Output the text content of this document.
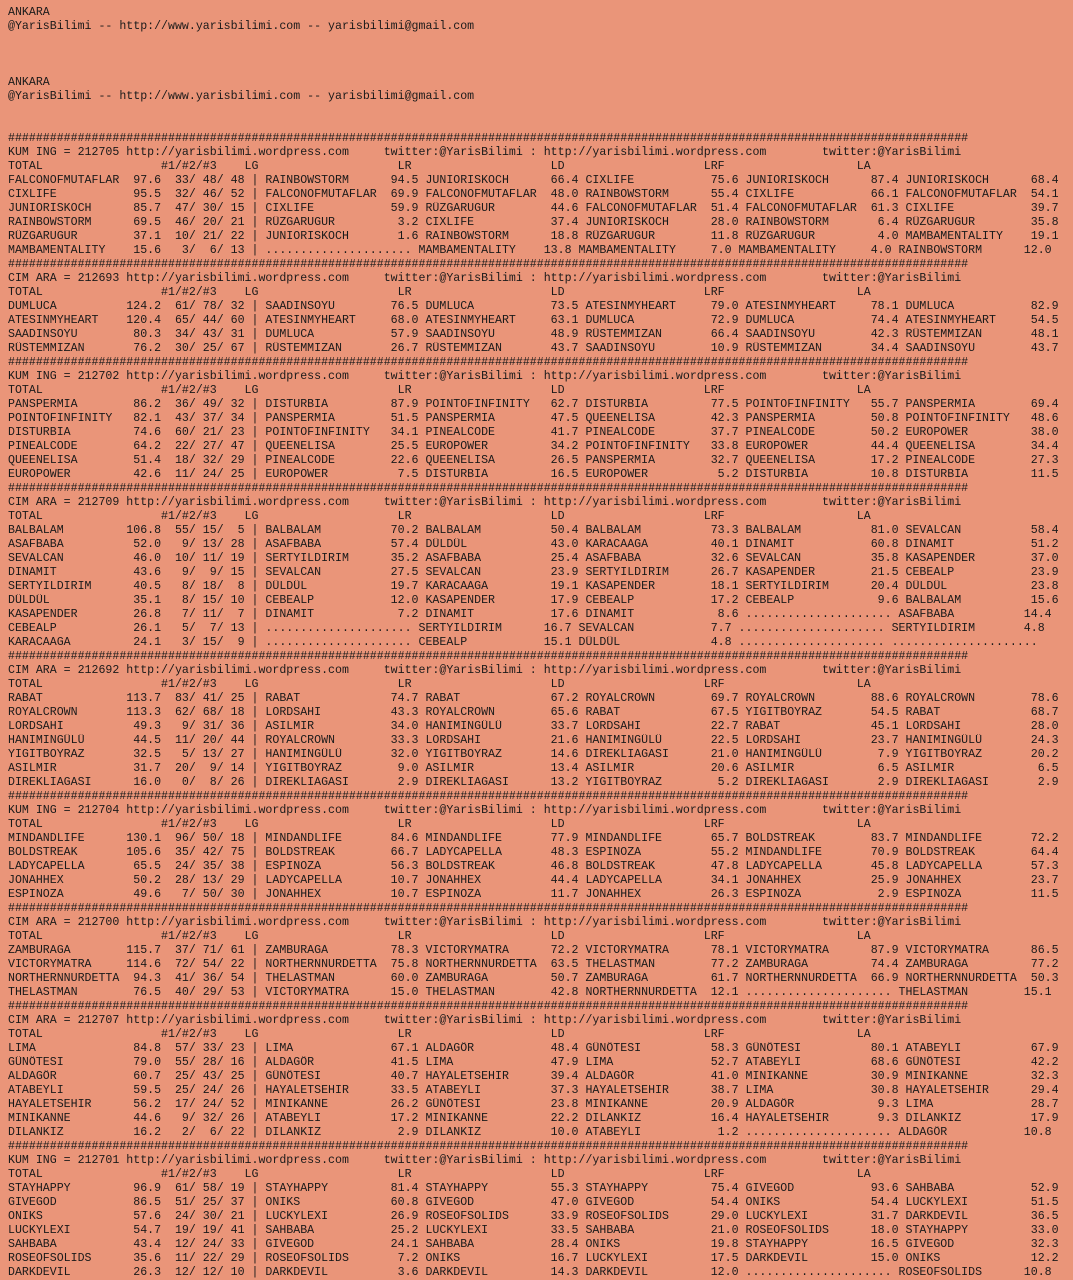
ANKARA
@YarisBilimi -- http://www.yarisbilimi.com -- yarisbilimi@gmail.com

ANKARA
@YarisBilimi -- http://www.yarisbilimi.com -- yarisbilimi@gmail.com

##########################################################################################################################################
KUM ING = 212705 http://yarisbilimi.wordpress.com     twitter:@YarisBilimi : http://yarisbilimi.wordpress.com        twitter:@YarisBilimi
TOTAL                 #1/#2/#3    LG                    LR                    LD                    LRF                   LA
FALCONOFMUTAFLAR  97.6  33/ 48/ 48 | RAINBOWSTORM      94.5 JUNIORISKOCH      66.4 CIXLIFE           75.6 JUNIORISKOCH      87.4 JUNIORISKOCH      68.4
CIXLIFE           95.5  32/ 46/ 52 | FALCONOFMUTAFLAR  69.9 FALCONOFMUTAFLAR  48.0 RAINBOWSTORM      55.4 CIXLIFE           66.1 FALCONOFMUTAFLAR  54.1
JUNIORISKOCH      85.7  47/ 30/ 15 | CIXLIFE           59.9 RÜZGARUGUR        44.6 FALCONOFMUTAFLAR  51.4 FALCONOFMUTAFLAR  61.3 CIXLIFE           39.7
RAINBOWSTORM      69.5  46/ 20/ 21 | RÜZGARUGUR         3.2 CIXLIFE           37.4 JUNIORISKOCH      28.0 RAINBOWSTORM       6.4 RÜZGARUGUR        35.8
RÜZGARUGUR        37.1  10/ 21/ 22 | JUNIORISKOCH       1.6 RAINBOWSTORM      18.8 RÜZGARUGUR        11.8 RÜZGARUGUR         4.0 MAMBAMENTALITY    19.1
MAMBAMENTALITY    15.6   3/  6/ 13 | ..................... MAMBAMENTALITY    13.8 MAMBAMENTALITY     7.0 MAMBAMENTALITY     4.0 RAINBOWSTORM      12.0
##########################################################################################################################################
CIM ARA = 212693 http://yarisbilimi.wordpress.com     twitter:@YarisBilimi : http://yarisbilimi.wordpress.com        twitter:@YarisBilimi
TOTAL                 #1/#2/#3    LG                    LR                    LD                    LRF                   LA
DUMLUCA          124.2  61/ 78/ 32 | SAADINSOYU        76.5 DUMLUCA           73.5 ATESINMYHEART     79.0 ATESINMYHEART     78.1 DUMLUCA           82.9
ATESINMYHEART    120.4  65/ 44/ 60 | ATESINMYHEART     68.0 ATESINMYHEART     63.1 DUMLUCA           72.9 DUMLUCA           74.4 ATESINMYHEART     54.5
SAADINSOYU        80.3  34/ 43/ 31 | DUMLUCA           57.9 SAADINSOYU        48.9 RÜSTEMMIZAN       66.4 SAADINSOYU        42.3 RÜSTEMMIZAN       48.1
RÜSTEMMIZAN       76.2  30/ 25/ 67 | RÜSTEMMIZAN       26.7 RÜSTEMMIZAN       43.7 SAADINSOYU        10.9 RÜSTEMMIZAN       34.4 SAADINSOYU        43.7
##########################################################################################################################################
KUM ING = 212702 http://yarisbilimi.wordpress.com     twitter:@YarisBilimi : http://yarisbilimi.wordpress.com        twitter:@YarisBilimi
TOTAL                 #1/#2/#3    LG                    LR                    LD                    LRF                   LA
PANSPERMIA        86.2  36/ 49/ 32 | DISTURBIA         87.9 POINTOFINFINITY   62.7 DISTURBIA         77.5 POINTOFINFINITY   55.7 PANSPERMIA        69.4
POINTOFINFINITY   82.1  43/ 37/ 34 | PANSPERMIA        51.5 PANSPERMIA        47.5 QUEENELISA        42.3 PANSPERMIA        50.8 POINTOFINFINITY   48.6
DISTURBIA         74.6  60/ 21/ 23 | POINTOFINFINITY   34.1 PINEALCODE        41.7 PINEALCODE        37.7 PINEALCODE        50.2 EUROPOWER         38.0
PINEALCODE        64.2  22/ 27/ 47 | QUEENELISA        25.5 EUROPOWER         34.2 POINTOFINFINITY   33.8 EUROPOWER         44.4 QUEENELISA        34.4
QUEENELISA        51.4  18/ 32/ 29 | PINEALCODE        22.6 QUEENELISA        26.5 PANSPERMIA        32.7 QUEENELISA        17.2 PINEALCODE        27.3
EUROPOWER         42.6  11/ 24/ 25 | EUROPOWER          7.5 DISTURBIA         16.5 EUROPOWER          5.2 DISTURBIA         10.8 DISTURBIA         11.5
##########################################################################################################################################
CIM ARA = 212709 http://yarisbilimi.wordpress.com     twitter:@YarisBilimi : http://yarisbilimi.wordpress.com        twitter:@YarisBilimi
TOTAL                 #1/#2/#3    LG                    LR                    LD                    LRF                   LA
BALBALAM         106.8  55/ 15/  5 | BALBALAM          70.2 BALBALAM          50.4 BALBALAM          73.3 BALBALAM          81.0 SEVALCAN          58.4
ASAFBABA          52.0   9/ 13/ 28 | ASAFBABA          57.4 DÜLDÜL            43.0 KARACAAGA         40.1 DINAMIT           60.8 DINAMIT           51.2
SEVALCAN          46.0  10/ 11/ 19 | SERTYILDIRIM      35.2 ASAFBABA          25.4 ASAFBABA          32.6 SEVALCAN          35.8 KASAPENDER        37.0
DINAMIT           43.6   9/  9/ 15 | SEVALCAN          27.5 SEVALCAN          23.9 SERTYILDIRIM      26.7 KASAPENDER        21.5 CEBEALP           23.9
SERTYILDIRIM      40.5   8/ 18/  8 | DÜLDÜL            19.7 KARACAAGA         19.1 KASAPENDER        18.1 SERTYILDIRIM      20.4 DÜLDÜL            23.8
DÜLDÜL            35.1   8/ 15/ 10 | CEBEALP           12.0 KASAPENDER        17.9 CEBEALP           17.2 CEBEALP            9.6 BALBALAM          15.6
KASAPENDER        26.8   7/ 11/  7 | DINAMIT            7.2 DINAMIT           17.6 DINAMIT            8.6 ..................... ASAFBABA          14.4
CEBEALP           26.1   5/  7/ 13 | ..................... SERTYILDIRIM      16.7 SEVALCAN           7.7 ..................... SERTYILDIRIM       4.8
KARACAAGA         24.1   3/ 15/  9 | ..................... CEBEALP           15.1 DÜLDÜL             4.8 ..................... .....................
##########################################################################################################################################
CIM ARA = 212692 http://yarisbilimi.wordpress.com     twitter:@YarisBilimi : http://yarisbilimi.wordpress.com        twitter:@YarisBilimi
TOTAL                 #1/#2/#3    LG                    LR                    LD                    LRF                   LA
RABAT            113.7  83/ 41/ 25 | RABAT             74.7 RABAT             67.2 ROYALCROWN        69.7 ROYALCROWN        88.6 ROYALCROWN        78.6
ROYALCROWN       113.3  62/ 68/ 18 | LORDSAHI          43.3 ROYALCROWN        65.6 RABAT             67.5 YIGITBOYRAZ       54.5 RABAT             68.7
LORDSAHI          49.3   9/ 31/ 36 | ASILMIR           34.0 HANIMINGÜLÜ       33.7 LORDSAHI          22.7 RABAT             45.1 LORDSAHI          28.0
HANIMINGÜLÜ       44.5  11/ 20/ 44 | ROYALCROWN        33.3 LORDSAHI          21.6 HANIMINGÜLÜ       22.5 LORDSAHI          23.7 HANIMINGÜLÜ       24.3
YIGITBOYRAZ       32.5   5/ 13/ 27 | HANIMINGÜLÜ       32.0 YIGITBOYRAZ       14.6 DIREKLIAGASI      21.0 HANIMINGÜLÜ        7.9 YIGITBOYRAZ       20.2
ASILMIR           31.7  20/  9/ 14 | YIGITBOYRAZ        9.0 ASILMIR           13.4 ASILMIR           20.6 ASILMIR            6.5 ASILMIR            6.5
DIREKLIAGASI      16.0   0/  8/ 26 | DIREKLIAGASI       2.9 DIREKLIAGASI      13.2 YIGITBOYRAZ        5.2 DIREKLIAGASI       2.9 DIREKLIAGASI       2.9
##########################################################################################################################################
KUM ING = 212704 http://yarisbilimi.wordpress.com     twitter:@YarisBilimi : http://yarisbilimi.wordpress.com        twitter:@YarisBilimi
TOTAL                 #1/#2/#3    LG                    LR                    LD                    LRF                   LA
MINDANDLIFE      130.1  96/ 50/ 18 | MINDANDLIFE       84.6 MINDANDLIFE       77.9 MINDANDLIFE       65.7 BOLDSTREAK        83.7 MINDANDLIFE       72.2
BOLDSTREAK       105.6  35/ 42/ 75 | BOLDSTREAK        66.7 LADYCAPELLA       48.3 ESPINOZA          55.2 MINDANDLIFE       70.9 BOLDSTREAK        64.4
LADYCAPELLA       65.5  24/ 35/ 38 | ESPINOZA          56.3 BOLDSTREAK        46.8 BOLDSTREAK        47.8 LADYCAPELLA       45.8 LADYCAPELLA       57.3
JONAHHEX          50.2  28/ 13/ 29 | LADYCAPELLA       10.7 JONAHHEX          44.4 LADYCAPELLA       34.1 JONAHHEX          25.9 JONAHHEX          23.7
ESPINOZA          49.6   7/ 50/ 30 | JONAHHEX          10.7 ESPINOZA          11.7 JONAHHEX          26.3 ESPINOZA           2.9 ESPINOZA          11.5
##########################################################################################################################################
CIM ARA = 212700 http://yarisbilimi.wordpress.com     twitter:@YarisBilimi : http://yarisbilimi.wordpress.com        twitter:@YarisBilimi
TOTAL                 #1/#2/#3    LG                    LR                    LD                    LRF                   LA
ZAMBURAGA        115.7  37/ 71/ 61 | ZAMBURAGA         78.3 VICTORYMATRA      72.2 VICTORYMATRA      78.1 VICTORYMATRA      87.9 VICTORYMATRA      86.5
VICTORYMATRA     114.6  72/ 54/ 22 | NORTHERNNURDETTA  75.8 NORTHERNNURDETTA  63.5 THELASTMAN        77.2 ZAMBURAGA         74.4 ZAMBURAGA         77.2
NORTHERNNURDETTA  94.3  41/ 36/ 54 | THELASTMAN        60.0 ZAMBURAGA         50.7 ZAMBURAGA         61.7 NORTHERNNURDETTA  66.9 NORTHERNNURDETTA  50.3
THELASTMAN        76.5  40/ 29/ 53 | VICTORYMATRA      15.0 THELASTMAN        42.8 NORTHERNNURDETTA  12.1 ..................... THELASTMAN        15.1
##########################################################################################################################################
CIM ARA = 212707 http://yarisbilimi.wordpress.com     twitter:@YarisBilimi : http://yarisbilimi.wordpress.com        twitter:@YarisBilimi
TOTAL                 #1/#2/#3    LG                    LR                    LD                    LRF                   LA
LIMA              84.8  57/ 33/ 23 | LIMA              67.1 ALDAGÖR           48.4 GÜNÖTESI          58.3 GÜNÖTESI          80.1 ATABEYLI          67.9
GÜNÖTESI          79.0  55/ 28/ 16 | ALDAGÖR           41.5 LIMA              47.9 LIMA              52.7 ATABEYLI          68.6 GÜNÖTESI          42.2
ALDAGÖR           60.7  25/ 43/ 25 | GÜNÖTESI          40.7 HAYALETSEHIR      39.4 ALDAGÖR           41.0 MINIKANNE         30.9 MINIKANNE         32.3
ATABEYLI          59.5  25/ 24/ 26 | HAYALETSEHIR      33.5 ATABEYLI          37.3 HAYALETSEHIR      38.7 LIMA              30.8 HAYALETSEHIR      29.4
HAYALETSEHIR      56.2  17/ 24/ 52 | MINIKANNE         26.2 GÜNÖTESI          23.8 MINIKANNE         20.9 ALDAGÖR            9.3 LIMA              28.7
MINIKANNE         44.6   9/ 32/ 26 | ATABEYLI          17.2 MINIKANNE         22.2 DILANKIZ          16.4 HAYALETSEHIR       9.3 DILANKIZ          17.9
DILANKIZ          16.2   2/  6/ 22 | DILANKIZ           2.9 DILANKIZ          10.0 ATABEYLI           1.2 ..................... ALDAGÖR           10.8
##########################################################################################################################################
KUM ING = 212701 http://yarisbilimi.wordpress.com     twitter:@YarisBilimi : http://yarisbilimi.wordpress.com        twitter:@YarisBilimi
TOTAL                 #1/#2/#3    LG                    LR                    LD                    LRF                   LA
STAYHAPPY         96.9  61/ 58/ 19 | STAYHAPPY         81.4 STAYHAPPY         55.3 STAYHAPPY         75.4 GIVEGOD           93.6 SAHBABA           52.9
GIVEGOD           86.5  51/ 25/ 37 | ONIKS             60.8 GIVEGOD           47.0 GIVEGOD           54.4 ONIKS             54.4 LUCKYLEXI         51.5
ONIKS             57.6  24/ 30/ 21 | LUCKYLEXI         26.9 ROSEOFSOLIDS      33.9 ROSEOFSOLIDS      29.0 LUCKYLEXI         31.7 DARKDEVIL         36.5
LUCKYLEXI         54.7  19/ 19/ 41 | SAHBABA           25.2 LUCKYLEXI         33.5 SAHBABA           21.0 ROSEOFSOLIDS      18.0 STAYHAPPY         33.0
SAHBABA           43.4  12/ 24/ 33 | GIVEGOD           24.1 SAHBABA           28.4 ONIKS             19.8 STAYHAPPY         16.5 GIVEGOD           32.3
ROSEOFSOLIDS      35.6  11/ 22/ 29 | ROSEOFSOLIDS       7.2 ONIKS             16.7 LUCKYLEXI         17.5 DARKDEVIL         15.0 ONIKS             12.2
DARKDEVIL         26.3  12/ 12/ 10 | DARKDEVIL          3.6 DARKDEVIL         14.3 DARKDEVIL         12.0 ..................... ROSEOFSOLIDS      10.8
